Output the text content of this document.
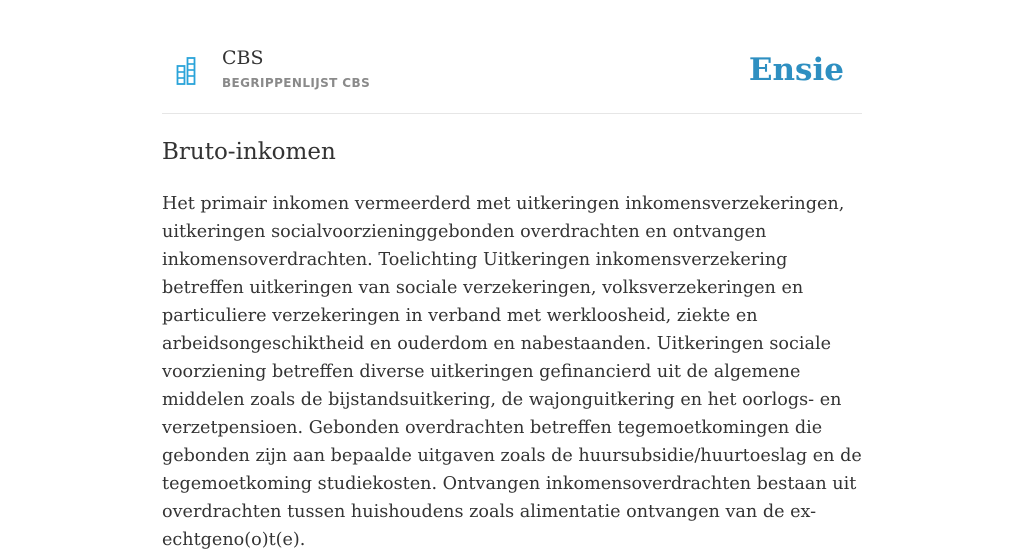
CBS
BEGRIPPENLIJST CBS	Ensie
Bruto-inkomen

Het primair inkomen vermeerderd met uitkeringen inkomensverzekeringen, uitkeringen socialvoorzieninggebonden overdrachten en ontvangen inkomensoverdrachten. Toelichting Uitkeringen inkomensverzekering betreffen uitkeringen van sociale verzekeringen, volksverzekeringen en particuliere verzekeringen in verband met werkloosheid, ziekte en arbeidsongeschiktheid en ouderdom en nabestaanden. Uitkeringen sociale voorziening betreffen diverse uitkeringen gefinancierd uit de algemene middelen zoals de bijstandsuitkering, de wajonguitkering en het oorlogs- en verzetpensioen. Gebonden overdrachten betreffen tegemoetkomingen die gebonden zijn aan bepaalde uitgaven zoals de huursubsidie/huurtoeslag en de tegemoetkoming studiekosten. Ontvangen inkomensoverdrachten bestaan uit overdrachten tussen huishoudens zoals alimentatie ontvangen van de ex-echtgeno(o)t(e).
